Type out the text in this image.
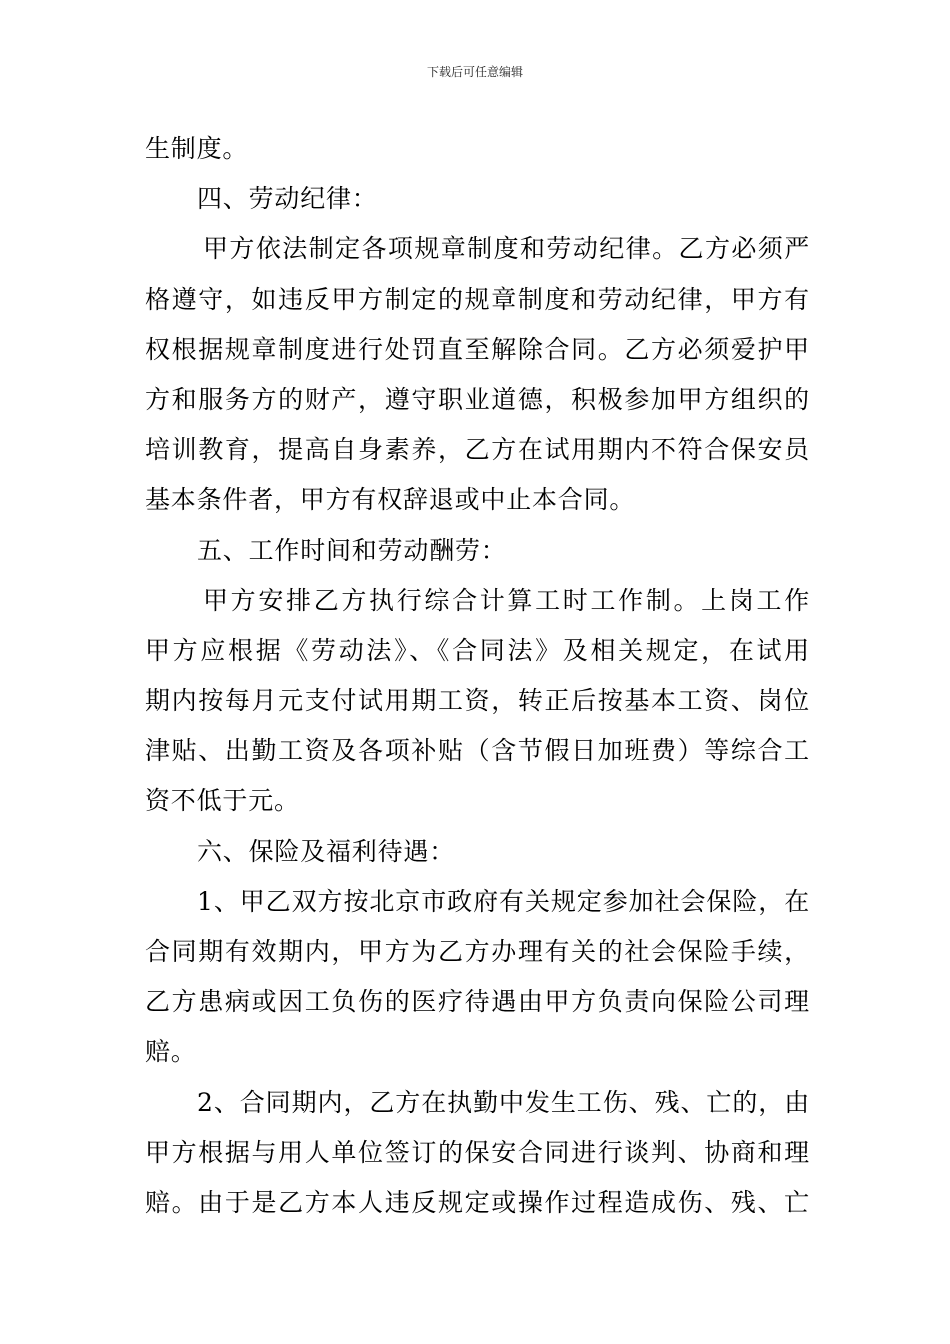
下载后可任意编辑
生制度。
四、劳动纪律：
甲方依法制定各项规章制度和劳动纪律。乙方必须严
格遵守，如违反甲方制定的规章制度和劳动纪律，甲方有
权根据规章制度进行处罚直至解除合同。乙方必须爱护甲
方和服务方的财产，遵守职业道德，积极参加甲方组织的
培训教育，提高自身素养，乙方在试用期内不符合保安员
基本条件者，甲方有权辞退或中止本合同。
五、工作时间和劳动酬劳：
甲方安排乙方执行综合计算工时工作制。上岗工作
甲方应根据《劳动法》、《合同法》及相关规定，在试用
期内按每月元支付试用期工资，转正后按基本工资、岗位
津贴、出勤工资及各项补贴（含节假日加班费）等综合工
资不低于元。
六、保险及福利待遇：
1、甲乙双方按北京市政府有关规定参加社会保险，在
合同期有效期内，甲方为乙方办理有关的社会保险手续，
乙方患病或因工负伤的医疗待遇由甲方负责向保险公司理
赔。
2、合同期内，乙方在执勤中发生工伤、残、亡的，由
甲方根据与用人单位签订的保安合同进行谈判、协商和理
赔。由于是乙方本人违反规定或操作过程造成伤、残、亡
